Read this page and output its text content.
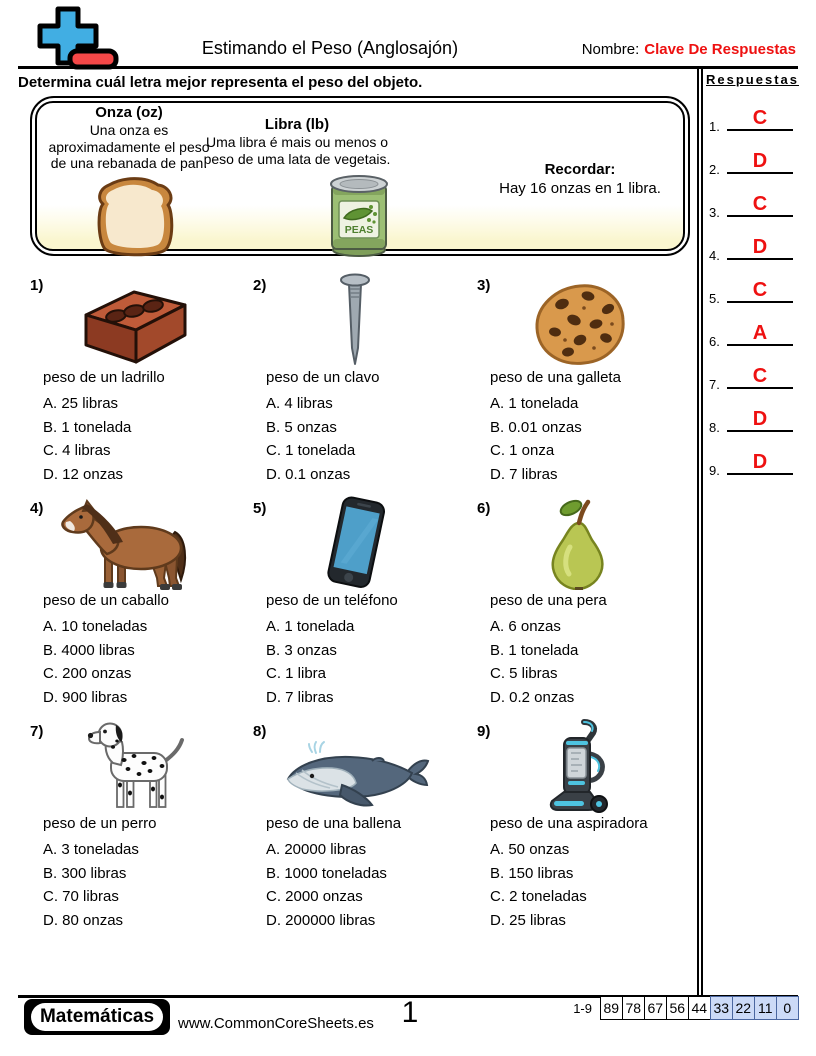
Estimando el Peso (Anglosajón)	Nombre: Clave De Respuestas
Determina cuál letra mejor representa el peso del objeto.
Onza (oz)
Una onza es aproximadamente el peso de una rebanada de pan.
Libra (lb)
Uma libra é mais ou menos o peso de uma lata de vegetais.
PEAS
Recordar:
Hay 16 onzas en 1 libra.
1)
peso de un ladrillo
A. 25 libras
B. 1 tonelada
C. 4 libras
D. 12 onzas
2)
peso de un clavo
A. 4 libras
B. 5 onzas
C. 1 tonelada
D. 0.1 onzas
3)
peso de una galleta
A. 1 tonelada
B. 0.01 onzas
C. 1 onza
D. 7 libras
4)
peso de un caballo
A. 10 toneladas
B. 4000 libras
C. 200 onzas
D. 900 libras
5)
peso de un teléfono
A. 1 tonelada
B. 3 onzas
C. 1 libra
D. 7 libras
6)
peso de una pera
A. 6 onzas
B. 1 tonelada
C. 5 libras
D. 0.2 onzas
7)
peso de un perro
A. 3 toneladas
B. 300 libras
C. 70 libras
D. 80 onzas
8)
peso de una ballena
A. 20000 libras
B. 1000 toneladas
C. 2000 onzas
D. 200000 libras
9)
peso de una aspiradora
A. 50 onzas
B. 150 libras
C. 2 toneladas
D. 25 libras
Respuestas
1.	C
2.	D
3.	C
4.	D
5.	C
6.	A
7.	C
8.	D
9.	D
Matemáticas	www.CommonCoreSheets.es 1	1-9 89 78 67 56 44 33 22 11 0
